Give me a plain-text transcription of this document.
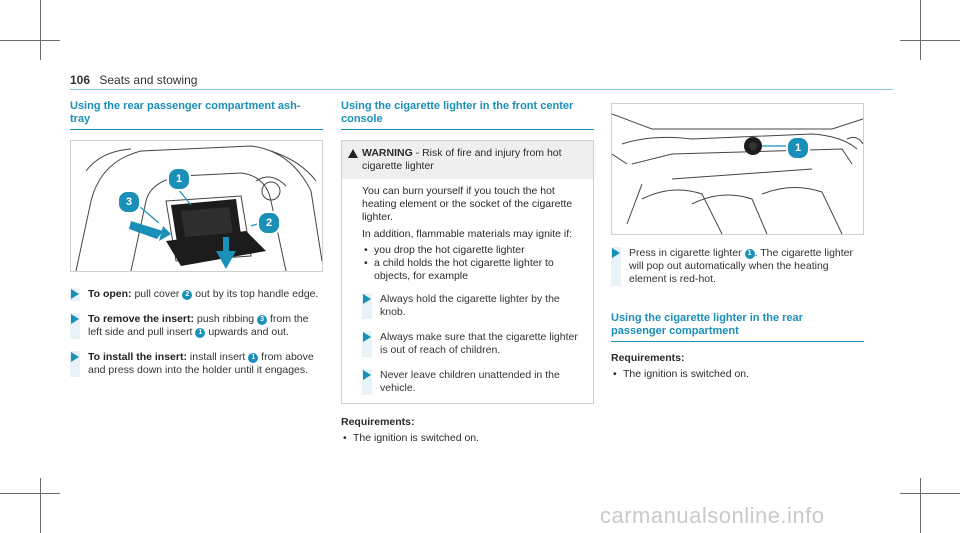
106 Seats and stowing
Using the rear passenger compartment ash-
tray
1
3
2
To open: pull cover 2 out by its top handle edge.
To remove the insert: push ribbing 3 from the left side and pull insert 1 upwards and out.
To install the insert: install insert 1 from above and press down into the holder until it engages.
Using the cigarette lighter in the front center
console
WARNING - Risk of fire and injury from hot cigarette lighter
You can burn yourself if you touch the hot heating element or the socket of the cigarette lighter.
In addition, flammable materials may ignite if:
• you drop the hot cigarette lighter
• a child holds the hot cigarette lighter to objects, for example
Always hold the cigarette lighter by the knob.
Always make sure that the cigarette lighter is out of reach of children.
Never leave children unattended in the vehicle.
Requirements:
• The ignition is switched on.
1
Press in cigarette lighter 1 . The cigarette lighter will pop out automatically when the heating element is red-hot.
Using the cigarette lighter in the rear
passenger compartment
Requirements:
• The ignition is switched on.
carmanualsonline.info
